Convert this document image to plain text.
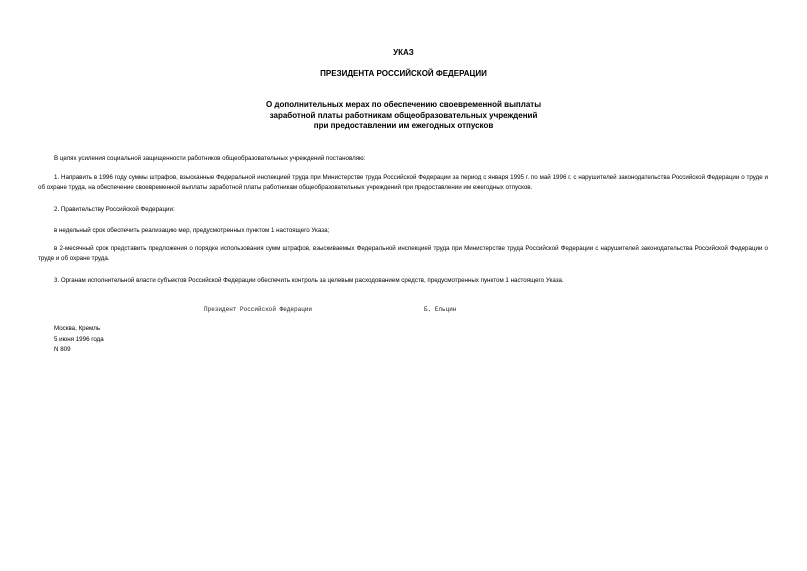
УКАЗ
ПРЕЗИДЕНТА РОССИЙСКОЙ ФЕДЕРАЦИИ
О дополнительных мерах по обеспечению своевременной выплаты
заработной платы работникам общеобразовательных учреждений
при предоставлении им ежегодных отпусков
В целях усиления социальной защищенности работников общеобразовательных учреждений постановляю:
1. Направить в 1996 году суммы штрафов, взысканные Федеральной инспекцией труда при Министерстве труда Российской Федерации за период с января 1995 г. по май 1996 г. с нарушителей законодательства Российской Федерации о труде и об охране труда, на обеспечение своевременной выплаты заработной платы работникам общеобразовательных учреждений при предоставлении им ежегодных отпусков.
2. Правительству Российской Федерации:
в недельный срок обеспечить реализацию мер, предусмотренных пунктом 1 настоящего Указа;
в 2-месячный срок представить предложения о порядке использования сумм штрафов, взыскиваемых Федеральной инспекцией труда при Министерстве труда Российской Федерации с нарушителей законодательства Российской Федерации о труде и об охране труда.
3. Органам исполнительной власти субъектов Российской Федерации обеспечить контроль за целевым расходованием средств, предусмотренных пунктом 1 настоящего Указа.
Президент Российской Федерации	Б. Ельцин
Москва, Кремль
5 июня 1996 года
N 809
